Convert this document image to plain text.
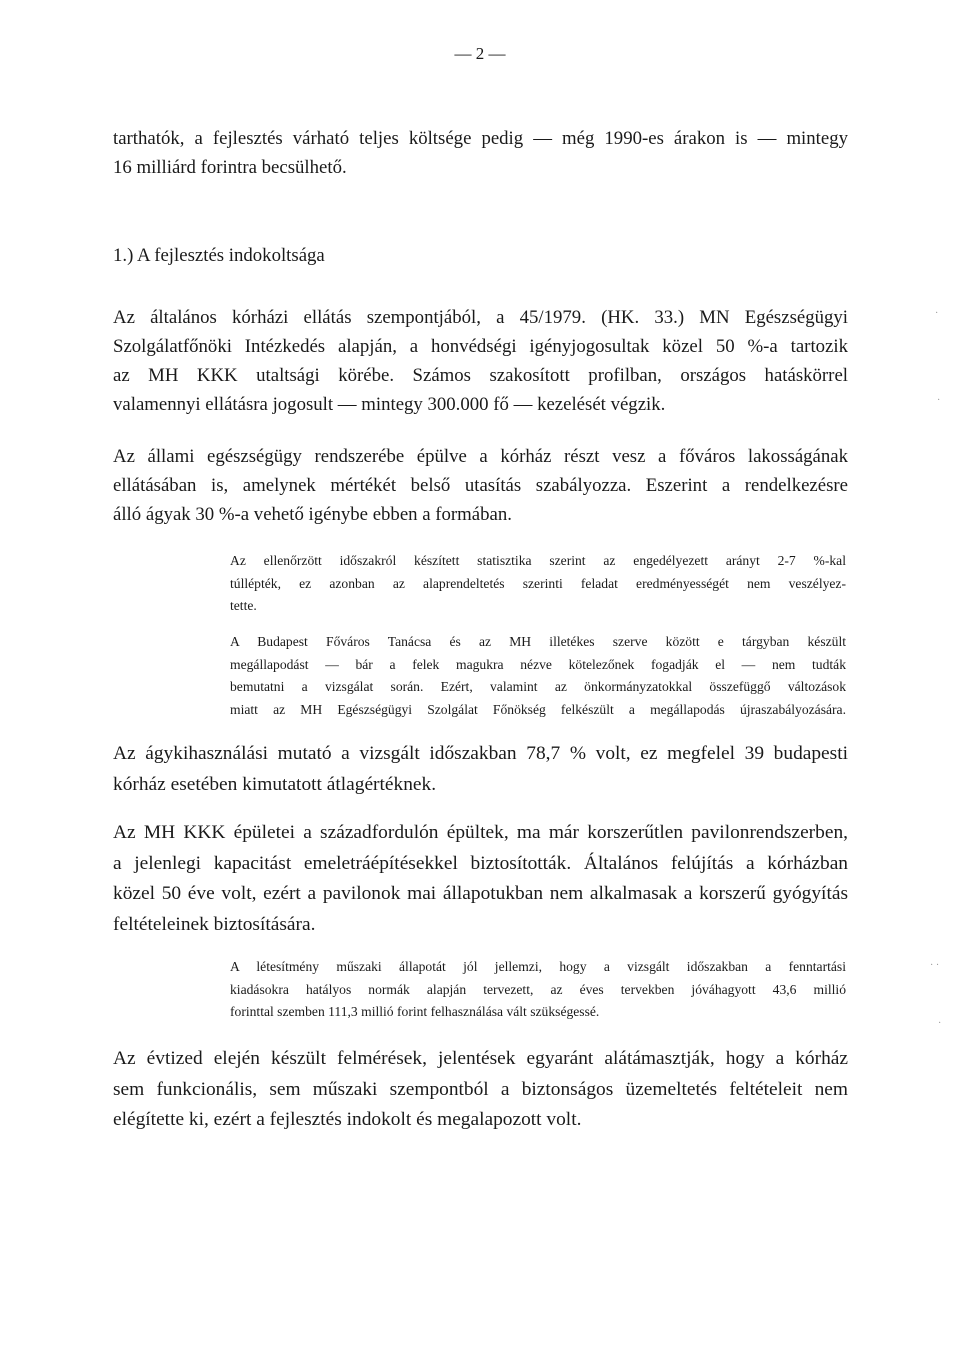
— 2 —
tarthatók, a fejlesztés várható teljes költsége pedig — még 1990-es árakon is — mintegy
16 milliárd forintra becsülhető.
1.) A fejlesztés indokoltsága
Az általános kórházi ellátás szempontjából, a 45/1979. (HK. 33.) MN Egészségügyi
Szolgálatfőnöki Intézkedés alapján, a honvédségi igényjogosultak közel 50 %-a tartozik
az MH KKK utaltsági körébe. Számos szakosított profilban, országos hatáskörrel
valamennyi ellátásra jogosult — mintegy 300.000 fő — kezelését végzik.
Az állami egészségügy rendszerébe épülve a kórház részt vesz a főváros lakosságának
ellátásában is, amelynek mértékét belső utasítás szabályozza. Eszerint a rendelkezésre
álló ágyak 30 %-a vehető igénybe ebben a formában.
Az ellenőrzött időszakról készített statisztika szerint az engedélyezett arányt 2-7 %-kal
túllépték, ez azonban az alaprendeltetés szerinti feladat eredményességét nem veszélyez-
tette.
A Budapest Főváros Tanácsa és az MH illetékes szerve között e tárgyban készült
megállapodást — bár a felek magukra nézve kötelezőnek fogadják el — nem tudták
bemutatni a vizsgálat során. Ezért, valamint az önkormányzatokkal összefüggő változások
miatt az MH Egészségügyi Szolgálat Főnökség felkészült a megállapodás újraszabályozására.
Az ágykihasználási mutató a vizsgált időszakban 78,7 % volt, ez megfelel 39 budapesti
kórház esetében kimutatott átlagértéknek.
Az MH KKK épületei a századfordulón épültek, ma már korszerűtlen pavilonrendszerben,
a jelenlegi kapacitást emeletráépítésekkel biztosították. Általános felújítás a kórházban
közel 50 éve volt, ezért a pavilonok mai állapotukban nem alkalmasak a korszerű gyógyítás
feltételeinek biztosítására.
A létesítmény műszaki állapotát jól jellemzi, hogy a vizsgált időszakban a fenntartási
kiadásokra hatályos normák alapján tervezett, az éves tervekben jóváhagyott 43,6 millió
forinttal szemben 111,3 millió forint felhasználása vált szükségessé.
Az évtized elején készült felmérések, jelentések egyaránt alátámasztják, hogy a kórház
sem funkcionális, sem műszaki szempontból a biztonságos üzemeltetés feltételeit nem
elégítette ki, ezért a fejlesztés indokolt és megalapozott volt.
·
·
· ·
·
